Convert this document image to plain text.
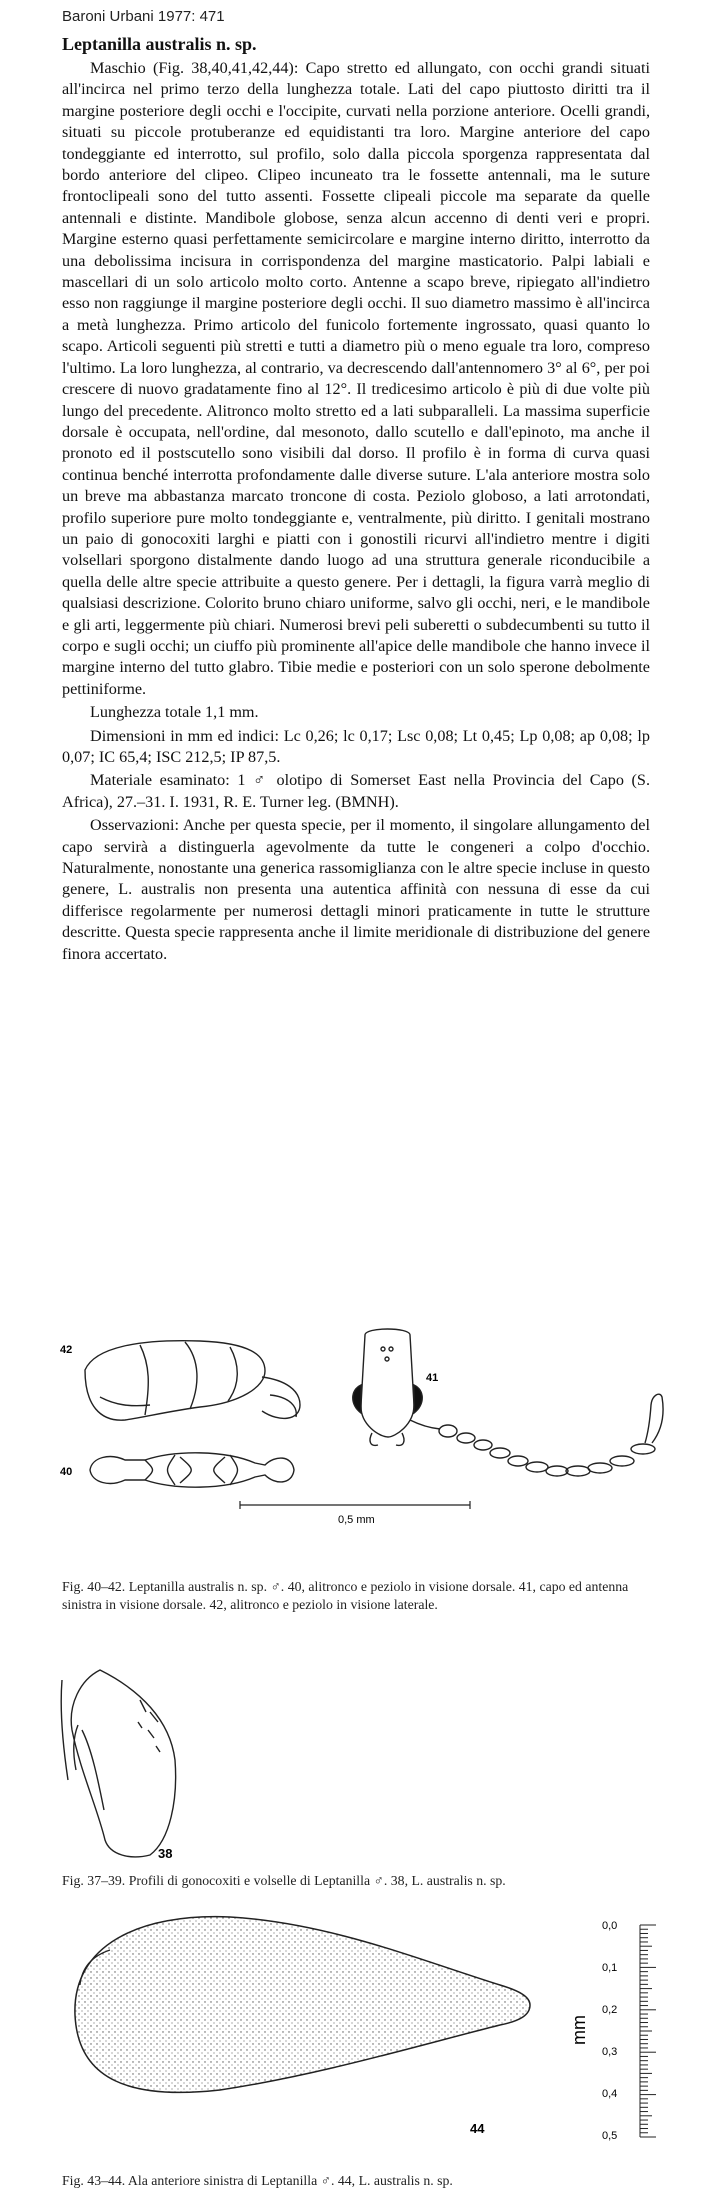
Baroni Urbani 1977: 471
Leptanilla australis n. sp.

Maschio (Fig. 38,40,41,42,44): Capo stretto ed allungato, con occhi grandi situati all'incirca nel primo terzo della lunghezza totale. Lati del capo piuttosto diritti tra il margine posteriore degli occhi e l'occipite, curvati nella porzione anteriore. Ocelli grandi, situati su piccole protuberanze ed equidistanti tra loro. Margine anteriore del capo tondeggiante ed interrotto, sul profilo, solo dalla piccola sporgenza rappresentata dal bordo anteriore del clipeo. Clipeo incuneato tra le fossette antennali, ma le suture frontoclipeali sono del tutto assenti. Fossette clipeali piccole ma separate da quelle antennali e distinte. Mandibole globose, senza alcun accenno di denti veri e propri. Margine esterno quasi perfettamente semicircolare e margine interno diritto, interrotto da una debolissima incisura in corrispondenza del margine masticatorio. Palpi labiali e mascellari di un solo articolo molto corto. Antenne a scapo breve, ripiegato all'indietro esso non raggiunge il margine posteriore degli occhi. Il suo diametro massimo è all'incirca a metà lunghezza. Primo articolo del funicolo fortemente ingrossato, quasi quanto lo scapo. Articoli seguenti più stretti e tutti a diametro più o meno eguale tra loro, compreso l'ultimo. La loro lunghezza, al contrario, va decrescendo dall'antennomero 3° al 6°, per poi crescere di nuovo gradatamente fino al 12°. Il tredicesimo articolo è più di due volte più lungo del precedente. Alitronco molto stretto ed a lati subparalleli. La massima superficie dorsale è occupata, nell'ordine, dal mesonoto, dallo scutello e dall'epinoto, ma anche il pronoto ed il postscutello sono visibili dal dorso. Il profilo è in forma di curva quasi continua benché interrotta profondamente dalle diverse suture. L'ala anteriore mostra solo un breve ma abbastanza marcato troncone di costa. Peziolo globoso, a lati arrotondati, profilo superiore pure molto tondeggiante e, ventralmente, più diritto. I genitali mostrano un paio di gonocoxiti larghi e piatti con i gonostili ricurvi all'indietro mentre i digiti volsellari sporgono distalmente dando luogo ad una struttura generale riconducibile a quella delle altre specie attribuite a questo genere. Per i dettagli, la figura varrà meglio di qualsiasi descrizione. Colorito bruno chiaro uniforme, salvo gli occhi, neri, e le mandibole e gli arti, leggermente più chiari. Numerosi brevi peli suberetti o subdecumbenti su tutto il corpo e sugli occhi; un ciuffo più prominente all'apice delle mandibole che hanno invece il margine interno del tutto glabro. Tibie medie e posteriori con un solo sperone debolmente pettiniforme.

Lunghezza totale 1,1 mm.

Dimensioni in mm ed indici: Lc 0,26; lc 0,17; Lsc 0,08; Lt 0,45; Lp 0,08; ap 0,08; lp 0,07; IC 65,4; ISC 212,5; IP 87,5.

Materiale esaminato: 1 ♂ olotipo di Somerset East nella Provincia del Capo (S. Africa), 27.–31. I. 1931, R. E. Turner leg. (BMNH).

Osservazioni: Anche per questa specie, per il momento, il singolare allungamento del capo servirà a distinguerla agevolmente da tutte le congeneri a colpo d'occhio. Naturalmente, nonostante una generica rassomiglianza con le altre specie incluse in questo genere, L. australis non presenta una autentica affinità con nessuna di esse da cui differisce regolarmente per numerosi dettagli minori praticamente in tutte le strutture descritte. Questa specie rappresenta anche il limite meridionale di distribuzione del genere finora accertato.

42
41
40
0,5 mm
Fig. 40–42. Leptanilla australis n. sp. ♂. 40, alitronco e peziolo in visione dorsale. 41, capo ed antenna sinistra in visione dorsale. 42, alitronco e peziolo in visione laterale.
38
Fig. 37–39. Profili di gonocoxiti e volselle di Leptanilla ♂. 38, L. australis n. sp.
44
0,0
0,1
0,2
0,3
0,4
0,5
mm
Fig. 43–44. Ala anteriore sinistra di Leptanilla ♂. 44, L. australis n. sp.
